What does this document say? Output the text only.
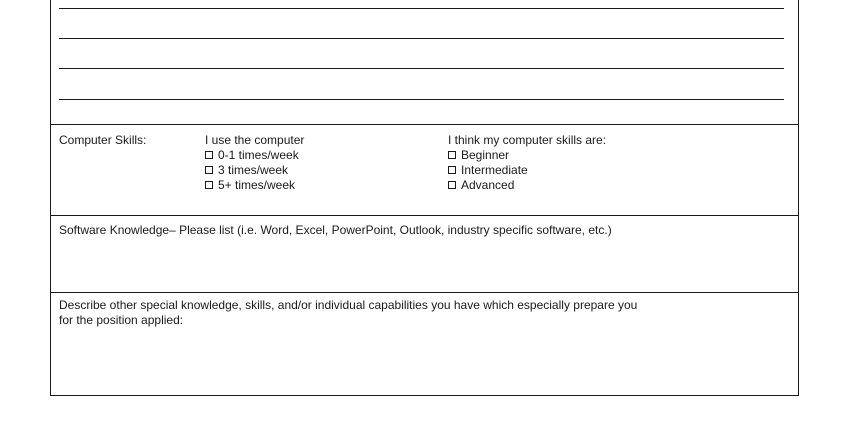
Computer Skills:	I use the computer
0-1 times/week
3 times/week
5+ times/week
I think my computer skills are:
Beginner
Intermediate
Advanced
Software Knowledge– Please list (i.e. Word, Excel, PowerPoint, Outlook, industry specific software, etc.)
Describe other special knowledge, skills, and/or individual capabilities you have which especially prepare you
for the position applied:
